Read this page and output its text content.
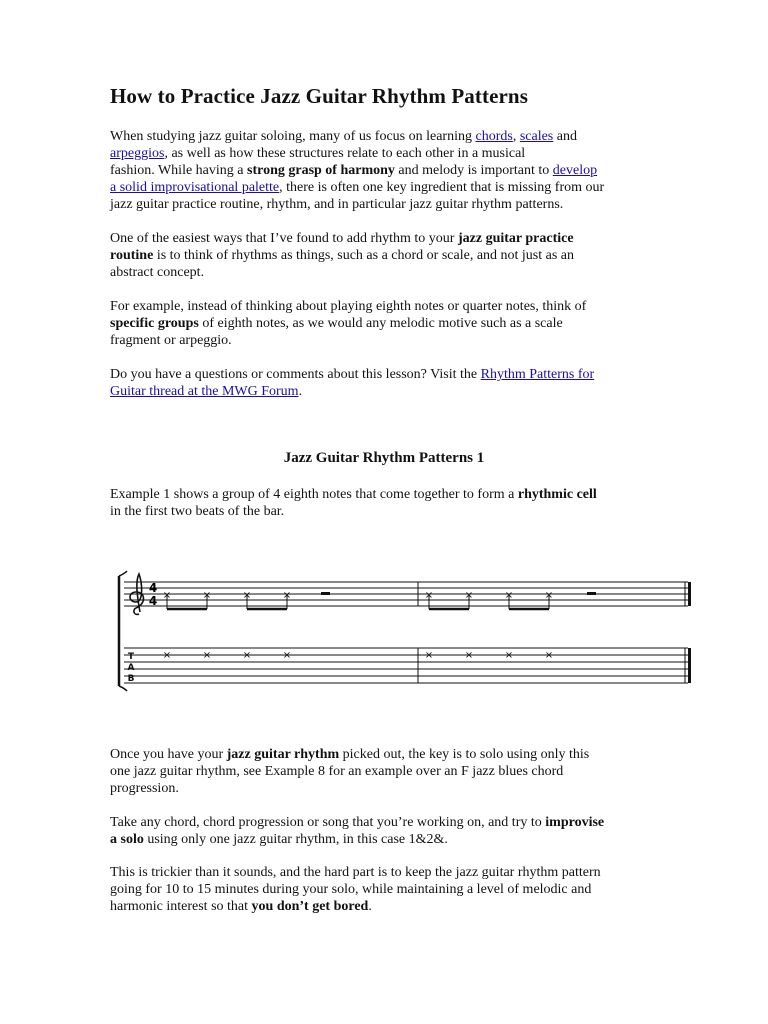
How to Practice Jazz Guitar Rhythm Patterns

When studying jazz guitar soloing, many of us focus on learning chords, scales and
arpeggios, as well as how these structures relate to each other in a musical
fashion. While having a strong grasp of harmony and melody is important to develop
a solid improvisational palette, there is often one key ingredient that is missing from our
jazz guitar practice routine, rhythm, and in particular jazz guitar rhythm patterns.

One of the easiest ways that I’ve found to add rhythm to your jazz guitar practice
routine is to think of rhythms as things, such as a chord or scale, and not just as an
abstract concept.

For example, instead of thinking about playing eighth notes or quarter notes, think of
specific groups of eighth notes, as we would any melodic motive such as a scale
fragment or arpeggio.

Do you have a questions or comments about this lesson? Visit the Rhythm Patterns for
Guitar thread at the MWG Forum.

Jazz Guitar Rhythm Patterns 1

Example 1 shows a group of 4 eighth notes that come together to form a rhythmic cell
in the first two beats of the bar.

4
4 ×	×	×	×	×	×	×	×
T
A
B
×	×	×	×	×	×	×	×

Once you have your jazz guitar rhythm picked out, the key is to solo using only this
one jazz guitar rhythm, see Example 8 for an example over an F jazz blues chord
progression.

Take any chord, chord progression or song that you’re working on, and try to improvise
a solo using only one jazz guitar rhythm, in this case 1&2&.

This is trickier than it sounds, and the hard part is to keep the jazz guitar rhythm pattern
going for 10 to 15 minutes during your solo, while maintaining a level of melodic and
harmonic interest so that you don’t get bored.
